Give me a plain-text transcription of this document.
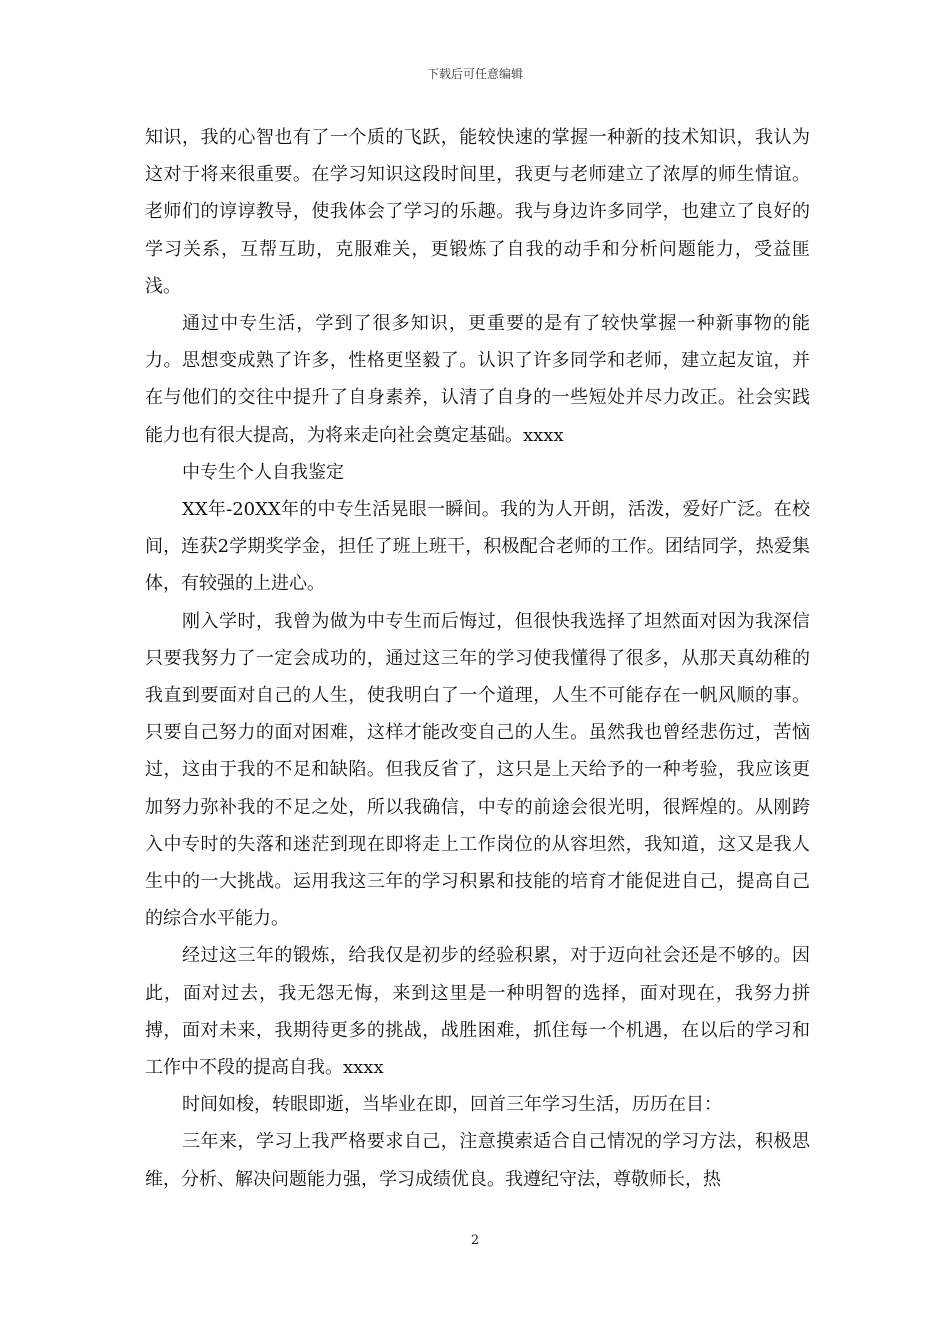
下载后可任意编辑

知识，我的心智也有了一个质的飞跃，能较快速的掌握一种新的技术知识，我认为这对于将来很重要。在学习知识这段时间里，我更与老师建立了浓厚的师生情谊。老师们的谆谆教导，使我体会了学习的乐趣。我与身边许多同学，也建立了良好的学习关系，互帮互助，克服难关，更锻炼了自我的动手和分析问题能力，受益匪浅。

通过中专生活，学到了很多知识，更重要的是有了较快掌握一种新事物的能力。思想变成熟了许多，性格更坚毅了。认识了许多同学和老师，建立起友谊，并在与他们的交往中提升了自身素养，认清了自身的一些短处并尽力改正。社会实践能力也有很大提高，为将来走向社会奠定基础。xxxx

中专生个人自我鉴定

XX年-20XX年的中专生活晃眼一瞬间。我的为人开朗，活泼，爱好广泛。在校间，连获2学期奖学金，担任了班上班干，积极配合老师的工作。团结同学，热爱集体，有较强的上进心。

刚入学时，我曾为做为中专生而后悔过，但很快我选择了坦然面对因为我深信只要我努力了一定会成功的，通过这三年的学习使我懂得了很多，从那天真幼稚的我直到要面对自己的人生，使我明白了一个道理，人生不可能存在一帆风顺的事。只要自己努力的面对困难，这样才能改变自己的人生。虽然我也曾经悲伤过，苦恼过，这由于我的不足和缺陷。但我反省了，这只是上天给予的一种考验，我应该更加努力弥补我的不足之处，所以我确信，中专的前途会很光明，很辉煌的。从刚跨入中专时的失落和迷茫到现在即将走上工作岗位的从容坦然，我知道，这又是我人生中的一大挑战。运用我这三年的学习积累和技能的培育才能促进自己，提高自己的综合水平能力。

经过这三年的锻炼，给我仅是初步的经验积累，对于迈向社会还是不够的。因此，面对过去，我无怨无悔，来到这里是一种明智的选择，面对现在，我努力拼搏，面对未来，我期待更多的挑战，战胜困难，抓住每一个机遇，在以后的学习和工作中不段的提高自我。xxxx

时间如梭，转眼即逝，当毕业在即，回首三年学习生活，历历在目：

三年来，学习上我严格要求自己，注意摸索适合自己情况的学习方法，积极思维，分析、解决问题能力强，学习成绩优良。我遵纪守法，尊敬师长，热

2
